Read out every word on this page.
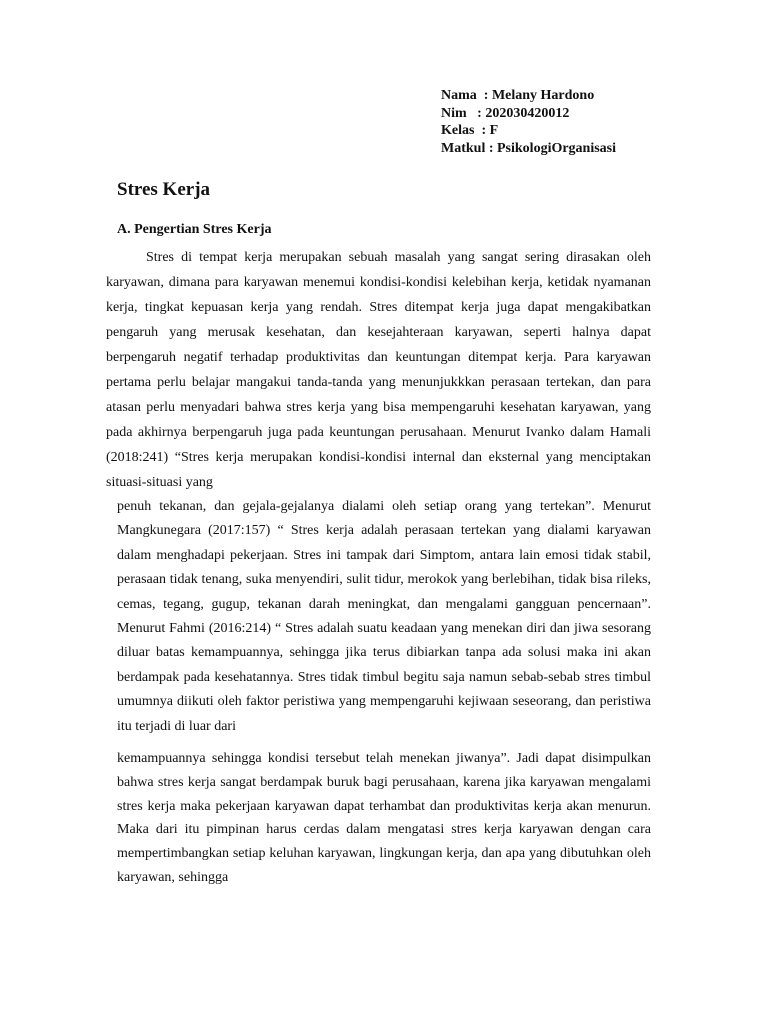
Nama  : Melany Hardono
Nim   : 202030420012
Kelas  : F
Matkul : PsikologiOrganisasi
Stres Kerja
A. Pengertian Stres Kerja

Stres di tempat kerja merupakan sebuah masalah yang sangat sering dirasakan oleh karyawan, dimana para karyawan menemui kondisi-kondisi kelebihan kerja, ketidak nyamanan kerja, tingkat kepuasan kerja yang rendah. Stres ditempat kerja juga dapat mengakibatkan pengaruh yang merusak kesehatan, dan kesejahteraan karyawan, seperti halnya dapat berpengaruh negatif terhadap produktivitas dan keuntungan ditempat kerja. Para karyawan pertama perlu belajar mangakui tanda-tanda yang menunjukkkan perasaan tertekan, dan para atasan perlu menyadari bahwa stres kerja yang bisa mempengaruhi kesehatan karyawan, yang pada akhirnya berpengaruh juga pada keuntungan perusahaan. Menurut Ivanko dalam Hamali (2018:241) “Stres kerja merupakan kondisi-kondisi internal dan eksternal yang menciptakan situasi-situasi yang

penuh tekanan, dan gejala-gejalanya dialami oleh setiap orang yang tertekan”. Menurut Mangkunegara (2017:157) “ Stres kerja adalah perasaan tertekan yang dialami karyawan dalam menghadapi pekerjaan. Stres ini tampak dari Simptom, antara lain emosi tidak stabil, perasaan tidak tenang, suka menyendiri, sulit tidur, merokok yang berlebihan, tidak bisa rileks, cemas, tegang, gugup, tekanan darah meningkat, dan mengalami gangguan pencernaan”. Menurut Fahmi (2016:214) “ Stres adalah suatu keadaan yang menekan diri dan jiwa sesorang diluar batas kemampuannya, sehingga jika terus dibiarkan tanpa ada solusi maka ini akan berdampak pada kesehatannya. Stres tidak timbul begitu saja namun sebab-sebab stres timbul umumnya diikuti oleh faktor peristiwa yang mempengaruhi kejiwaan seseorang, dan peristiwa itu terjadi di luar dari

kemampuannya sehingga kondisi tersebut telah menekan jiwanya”. Jadi dapat disimpulkan bahwa stres kerja sangat berdampak buruk bagi perusahaan, karena jika karyawan mengalami stres kerja maka pekerjaan karyawan dapat terhambat dan produktivitas kerja akan menurun. Maka dari itu pimpinan harus cerdas dalam mengatasi stres kerja karyawan dengan cara mempertimbangkan setiap keluhan karyawan, lingkungan kerja, dan apa yang dibutuhkan oleh karyawan, sehingga
